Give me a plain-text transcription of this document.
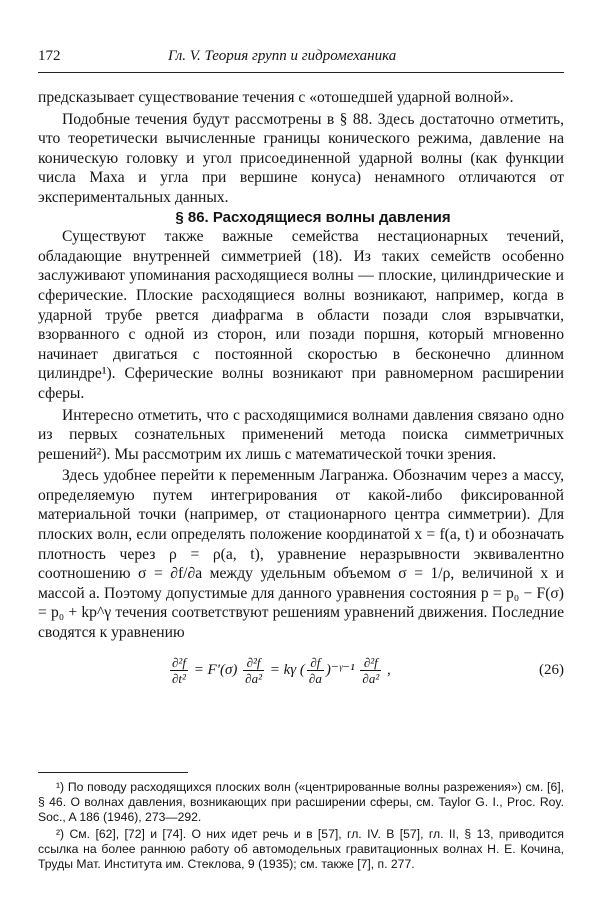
172	Гл. V. Теория групп и гидромеханика

предсказывает существование течения с «отошедшей ударной волной».

Подобные течения будут рассмотрены в § 88. Здесь достаточно отметить, что теоретически вычисленные границы конического режима, давление на коническую головку и угол присоединенной ударной волны (как функции числа Маха и угла при вершине конуса) ненамного отличаются от экспериментальных данных.

§ 86. Расходящиеся волны давления

Существуют также важные семейства нестационарных течений, обладающие внутренней симметрией (18). Из таких семейств особенно заслуживают упоминания расходящиеся волны — плоские, цилиндрические и сферические. Плоские расходящиеся волны возникают, например, когда в ударной трубе рвется диафрагма в области позади слоя взрывчатки, взорванного с одной из сторон, или позади поршня, который мгновенно начинает двигаться с постоянной скоростью в бесконечно длинном цилиндре¹). Сферические волны возникают при равномерном расширении сферы.

Интересно отметить, что с расходящимися волнами давления связано одно из первых сознательных применений метода поиска симметричных решений²). Мы рассмотрим их лишь с математической точки зрения.

Здесь удобнее перейти к переменным Лагранжа. Обозначим через a массу, определяемую путем интегрирования от какой-либо фиксированной материальной точки (например, от стационарного центра симметрии). Для плоских волн, если определять положение координатой x = f(a, t) и обозначать плотность через ρ = ρ(a, t), уравнение неразрывности эквивалентно соотношению σ = ∂f/∂a между удельным объемом σ = 1/ρ, величиной x и массой a. Поэтому допустимые для данного уравнения состояния p = p₀ − F(σ) = p₀ + kp^γ течения соответствуют решениям уравнений движения. Последние сводятся к уравнению

$\frac{\text{∂²f}}{\text{∂t²}} = F'(\sigma) \frac{\text{∂²f}}{\text{∂a²}} = k\gamma$ ( $\frac{\partial f}{\partial a}$ )⁻ᵞ⁻¹ $\frac{\text{∂²f}}{\text{∂a²}}$ ,	(26)

¹) По поводу расходящихся плоских волн («центрированные волны разрежения») см. [6], § 46. О волнах давления, возникающих при расширении сферы, см. Taylor G. I., Proc. Roy. Soc., A 186 (1946), 273—292.

²) См. [62], [72] и [74]. О них идет речь и в [57], гл. IV. В [57], гл. II, § 13, приводится ссылка на более раннюю работу об автомодельных гравитационных волнах Н. Е. Кочина, Труды Мат. Института им. Стеклова, 9 (1935); см. также [7], п. 277.
